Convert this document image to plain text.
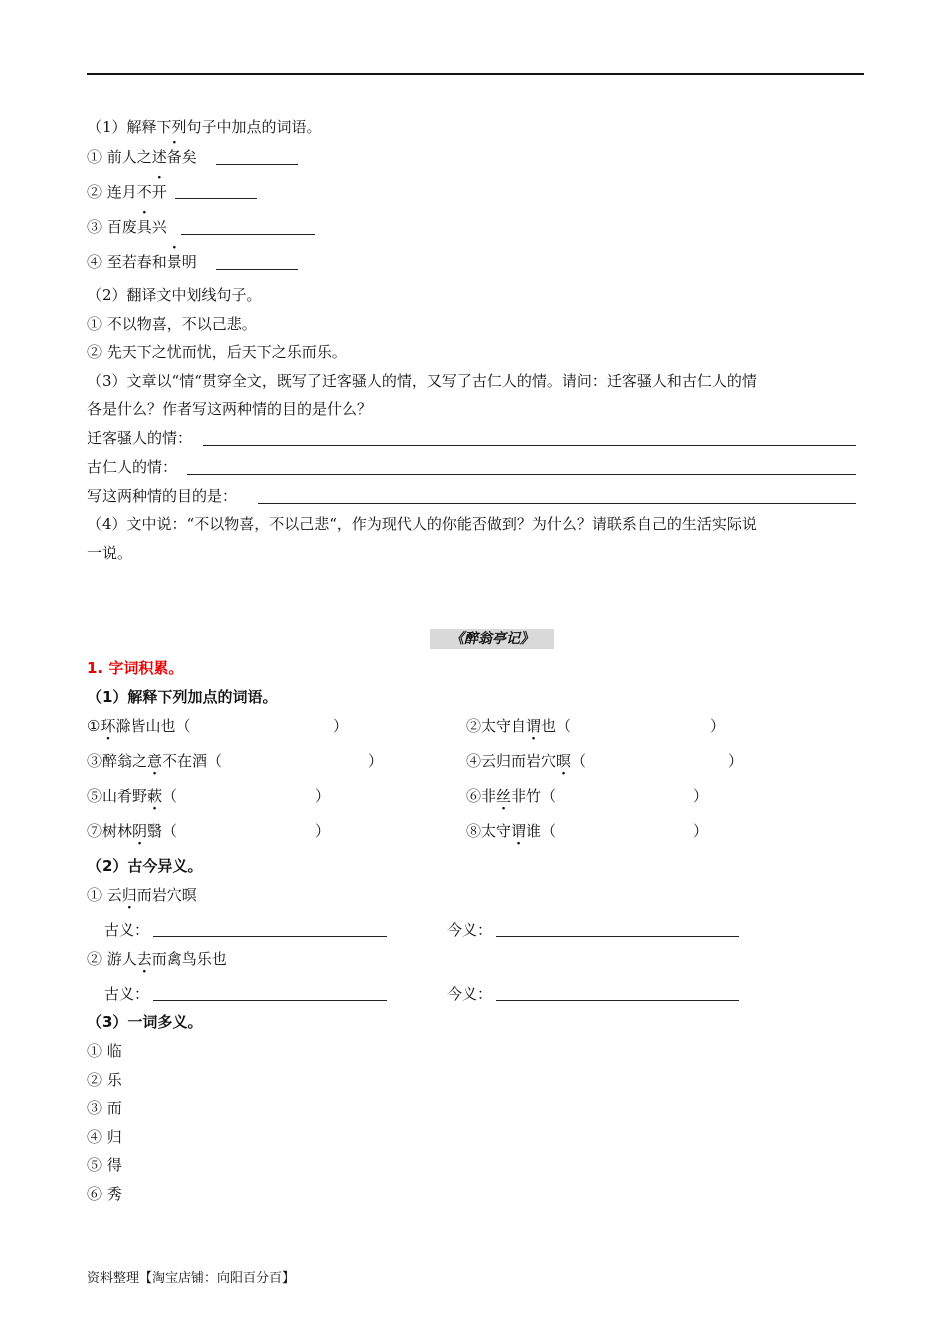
（1）解释下列句子中加点的词语。
① 前人之述备矣
② 连月不开
③ 百废具兴
④ 至若春和景明
（2）翻译文中划线句子。
① 不以物喜，不以己悲。
② 先天下之忧而忧，后天下之乐而乐。
（3）文章以“情“贯穿全文，既写了迁客骚人的情，又写了古仁人的情。请问：迁客骚人和古仁人的情
各是什么？作者写这两种情的目的是什么？
迁客骚人的情：
古仁人的情：
写这两种情的目的是：
（4）文中说：“不以物喜，不以己悲“，作为现代人的你能否做到？为什么？请联系自己的生活实际说
一说。
《醉翁亭记》
1. 字词积累。
（1）解释下列加点的词语。
①环滁皆山也（	）	②太守自谓也（	）
③醉翁之意不在酒（	）	④云归而岩穴暝（	）
⑤山肴野蔌（	）	⑥非丝非竹（	）
⑦树林阴翳（	）	⑧太守谓谁（	）
（2）古今异义。
① 云归而岩穴暝
古义：	今义：
② 游人去而禽鸟乐也
古义：	今义：
（3）一词多义。
① 临
② 乐
③ 而
④ 归
⑤ 得
⑥ 秀
资料整理【淘宝店铺：向阳百分百】
